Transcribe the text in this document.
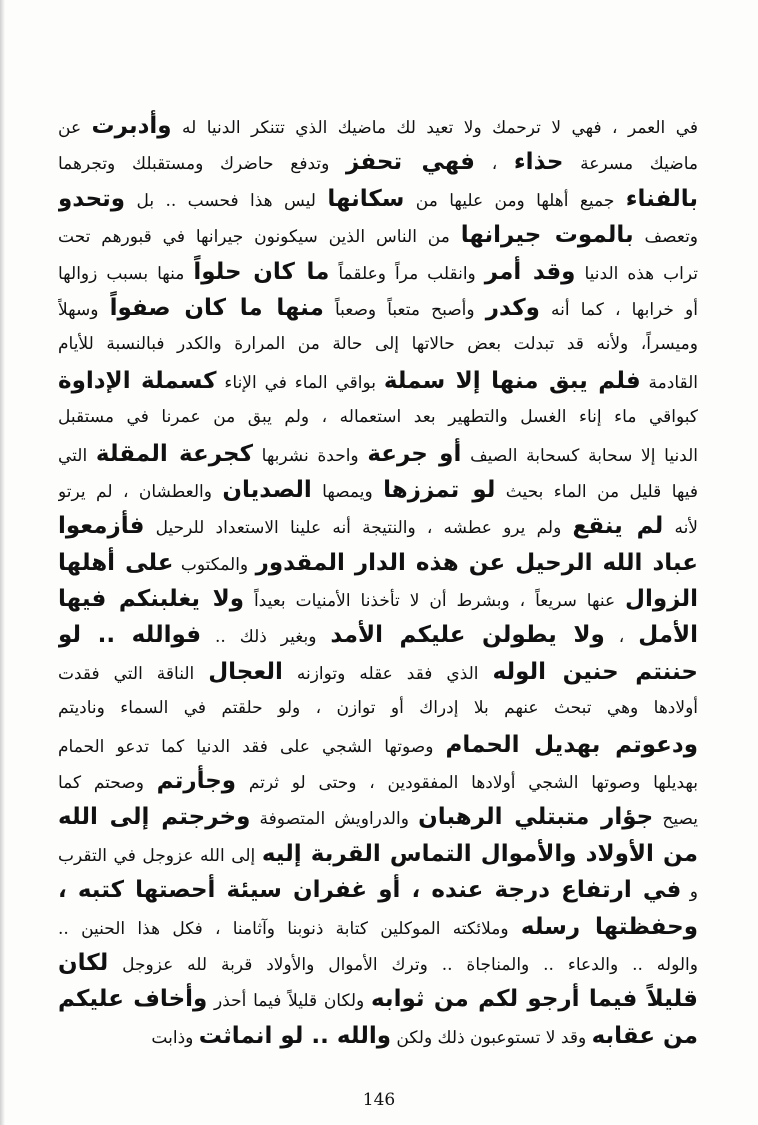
في العمر ، فهي لا ترحمك ولا تعيد لك ماضيك الذي تتنكر الدنيا له وأدبرت عن
ماضيك مسرعة حذاء ، فهي تحفز وتدفع حاضرك ومستقبلك وتجرهما
بالفناء جميع أهلها ومن عليها من سكانها ليس هذا فحسب .. بل وتحدو
وتعصف بالموت جيرانها من الناس الذين سيكونون جيرانها في قبورهم تحت
تراب هذه الدنيا وقد أمر وانقلب مراً وعلقماً ما كان حلواً منها بسبب زوالها
أو خرابها ، كما أنه وكدر وأصبح متعباً وصعباً منها ما كان صفواً وسهلاً
وميسراً، ولأنه قد تبدلت بعض حالاتها إلى حالة من المرارة والكدر فبالنسبة للأيام
القادمة فلم يبق منها إلا سملة بواقي الماء في الإناء كسملة الإداوة
كبواقي ماء إناء الغسل والتطهير بعد استعماله ، ولم يبق من عمرنا في مستقبل
الدنيا إلا سحابة كسحابة الصيف أو جرعة واحدة نشربها كجرعة المقلة التي
فيها قليل من الماء بحيث لو تمززها ويمصها الصديان والعطشان ، لم يرتو
لأنه لم ينقع ولم يرو عطشه ، والنتيجة أنه علينا الاستعداد للرحيل فأزمعوا
عباد الله الرحيل عن هذه الدار المقدور والمكتوب على أهلها
الزوال عنها سريعاً ، وبشرط أن لا تأخذنا الأمنيات بعيداً ولا يغلبنكم فيها
الأمل ، ولا يطولن عليكم الأمد وبغير ذلك .. فوالله .. لو
حننتم حنين الوله الذي فقد عقله وتوازنه العجال الناقة التي فقدت
أولادها وهي تبحث عنهم بلا إدراك أو توازن ، ولو حلقتم في السماء وناديتم
ودعوتم بهديل الحمام وصوتها الشجي على فقد الدنيا كما تدعو الحمام
بهديلها وصوتها الشجي أولادها المفقودين ، وحتى لو ثرتم وجأرتم وصحتم كما
يصيح جؤار متبتلي الرهبان والدراويش المتصوفة وخرجتم إلى الله
من الأولاد والأموال التماس القربة إليه إلى الله عزوجل في التقرب
و في ارتفاع درجة عنده ، أو غفران سيئة أحصتها كتبه ،
وحفظتها رسله وملائكته الموكلين كتابة ذنوبنا وآثامنا ، فكل هذا الحنين ..
والوله .. والدعاء .. والمناجاة .. وترك الأموال والأولاد قربة لله عزوجل لكان
قليلاً فيما أرجو لكم من ثوابه ولكان قليلاً فيما أحذر وأخاف عليكم
من عقابه وقد لا تستوعبون ذلك ولكن والله .. لو انماثت وذابت
146
